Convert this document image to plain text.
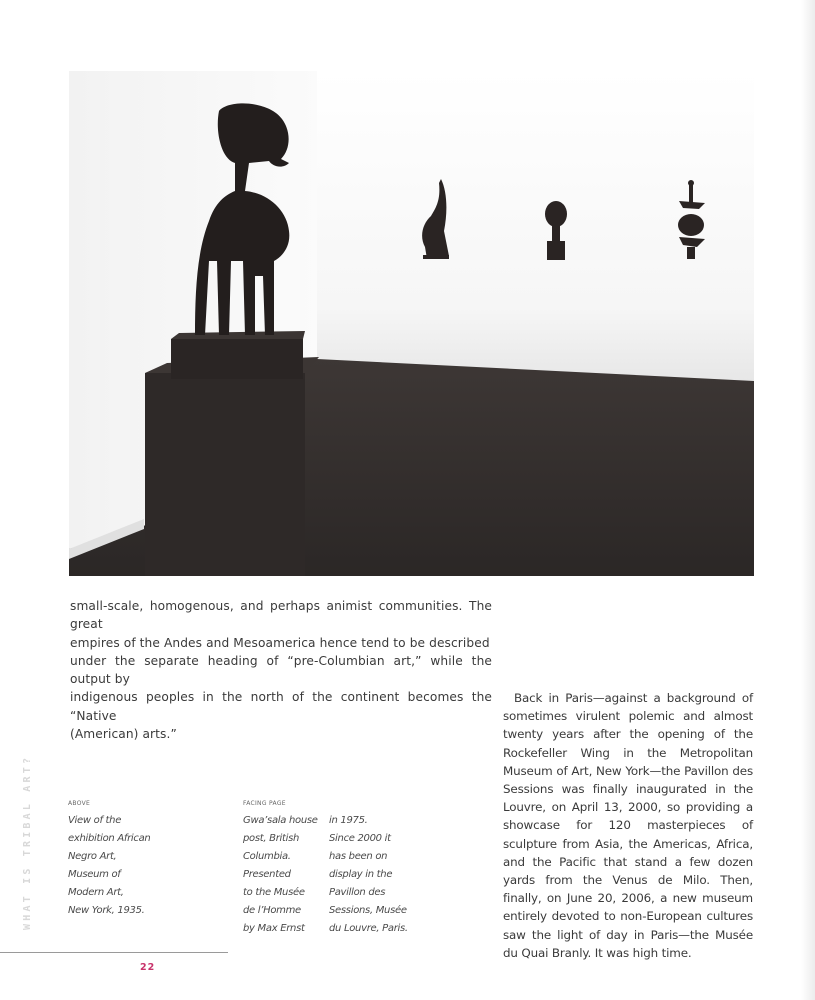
small-scale, homogenous, and perhaps animist communities. The great
empires of the Andes and Mesoamerica hence tend to be described
under the separate heading of “pre-Columbian art,” while the output by
indigenous peoples in the north of the continent becomes the “Native
(American) arts.”

Back in Paris—against a background of sometimes virulent polemic and almost twenty years after the opening of the Rockefeller Wing in the Metropolitan Museum of Art, New York—the Pavillon des Sessions was finally inaugurated in the Louvre, on April 13, 2000, so providing a showcase for 120 masterpieces of sculpture from Asia, the Americas, Africa, and the Pacific that stand a few dozen yards from the Venus de Milo. Then, finally, on June 20, 2006, a new museum entirely devoted to non-European cultures saw the light of day in Paris—the Musée du Quai Branly. It was high time.

WHAT IS TRIBAL ART?	ABOVE
View of the
exhibition African
Negro Art,
Museum of
Modern Art,
New York, 1935.
FACING PAGE
Gwa’sala house
post, British
Columbia.
Presented
to the Musée
de l’Homme
by Max Ernst
in 1975.
Since 2000 it
has been on
display in the
Pavillon des
Sessions, Musée
du Louvre, Paris.
22
